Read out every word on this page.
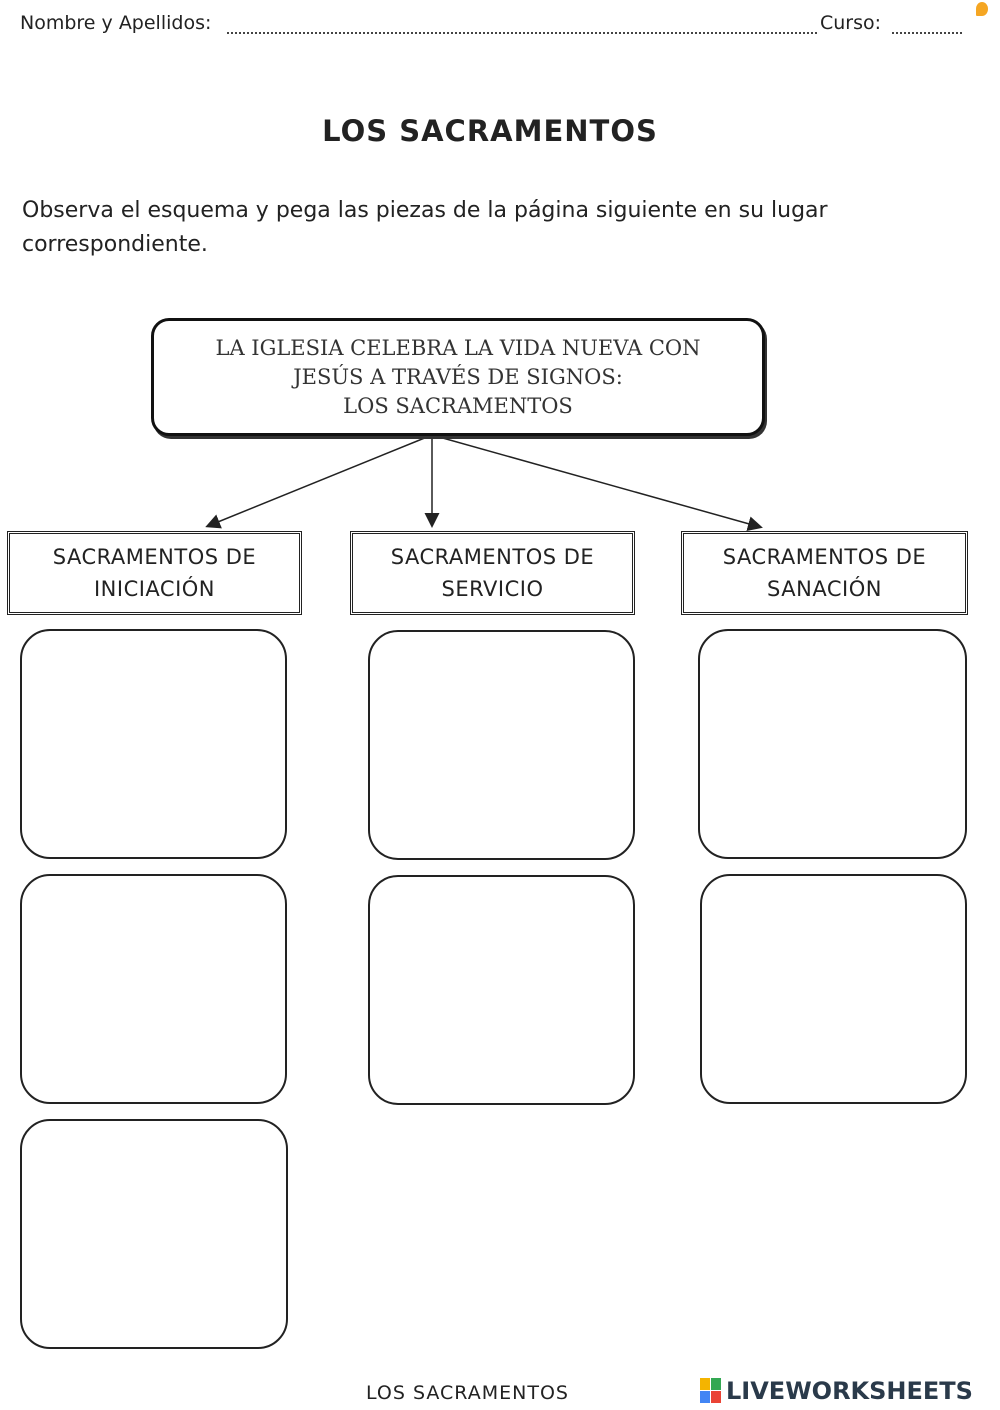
Nombre y Apellidos:	Curso:
LOS SACRAMENTOS
Observa el esquema y pega las piezas de la página siguiente en su lugar
correspondiente.
LA IGLESIA CELEBRA LA VIDA NUEVA CON
JESÚS A TRAVÉS DE SIGNOS:
LOS SACRAMENTOS
SACRAMENTOS DE
INICIACIÓN
SACRAMENTOS DE
SERVICIO
SACRAMENTOS DE
SANACIÓN
LOS SACRAMENTOS	LIVEWORKSHEETS
